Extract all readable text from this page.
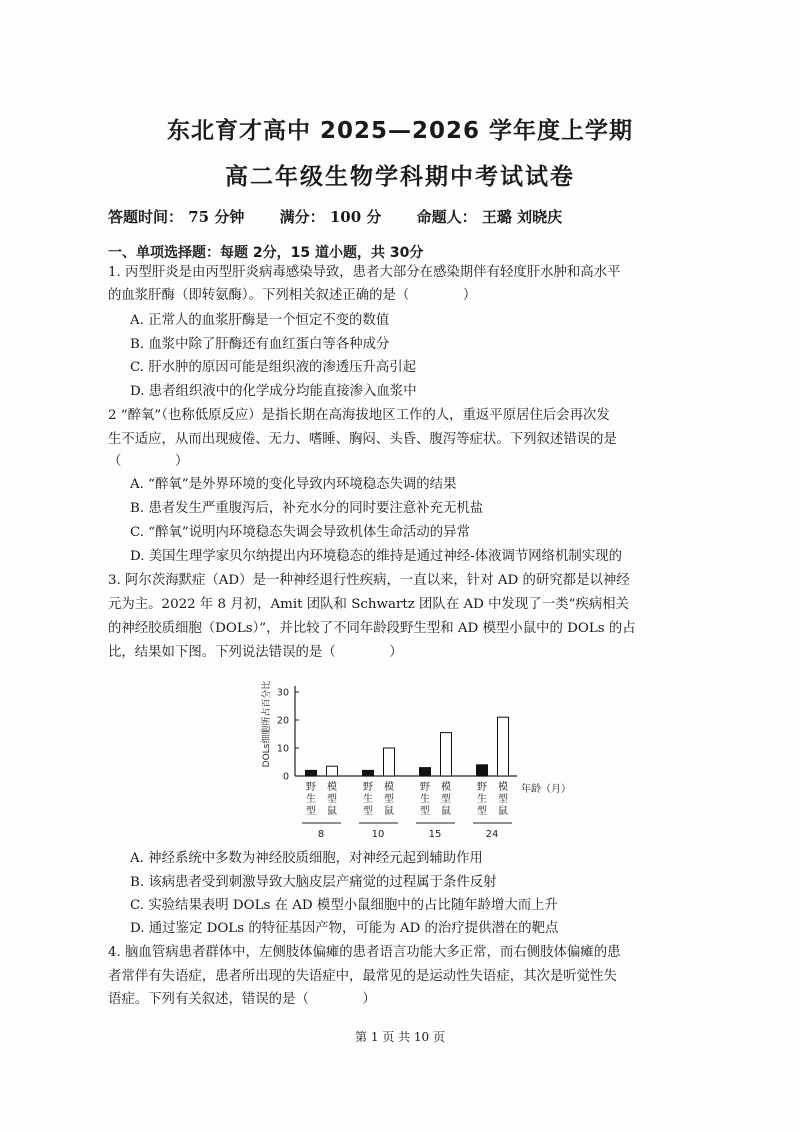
东北育才高中 2025—2026 学年度上学期
高二年级生物学科期中考试试卷
答题时间： 75 分钟 满分： 100 分 命题人： 王璐 刘晓庆
一、单项选择题：每题 2分，15 道小题，共 30分
1. 丙型肝炎是由丙型肝炎病毒感染导致，患者大部分在感染期伴有轻度肝水肿和高水平
的血浆肝酶（即转氨酶）。下列相关叙述正确的是（　　　　）
A. 正常人的血浆肝酶是一个恒定不变的数值
B. 血浆中除了肝酶还有血红蛋白等各种成分
C. 肝水肿的原因可能是组织液的渗透压升高引起
D. 患者组织液中的化学成分均能直接渗入血浆中
2 “醉氧”（也称低原反应）是指长期在高海拔地区工作的人，重返平原居住后会再次发
生不适应，从而出现疲倦、无力、嗜睡、胸闷、头昏、腹泻等症状。下列叙述错误的是
（　　　　）
A. “醉氧”是外界环境的变化导致内环境稳态失调的结果
B. 患者发生严重腹泻后，补充水分的同时要注意补充无机盐
C. “醉氧”说明内环境稳态失调会导致机体生命活动的异常
D. 美国生理学家贝尔纳提出内环境稳态的维持是通过神经-体液调节网络机制实现的
3. 阿尔茨海默症（AD）是一种神经退行性疾病，一直以来，针对 AD 的研究都是以神经
元为主。2022 年 8 月初，Amit 团队和 Schwartz 团队在 AD 中发现了一类“疾病相关
的神经胶质细胞（DOLs）”，并比较了不同年龄段野生型和 AD 模型小鼠中的 DOLs 的占
比，结果如下图。下列说法错误的是（　　　　）
0
10
20
30
DOLs细胞所占百分比
年龄（月）
野
生
型
模
型
鼠
8
野
生
型
模
型
鼠
10
野
生
型
模
型
鼠
15
野
生
型
模
型
鼠
24
A. 神经系统中多数为神经胶质细胞，对神经元起到辅助作用
B. 该病患者受到刺激导致大脑皮层产痛觉的过程属于条件反射
C. 实验结果表明 DOLs 在 AD 模型小鼠细胞中的占比随年龄增大而上升
D. 通过鉴定 DOLs 的特征基因产物，可能为 AD 的治疗提供潜在的靶点
4. 脑血管病患者群体中，左侧肢体偏瘫的患者语言功能大多正常，而右侧肢体偏瘫的患
者常伴有失语症，患者所出现的失语症中，最常见的是运动性失语症，其次是听觉性失
语症。下列有关叙述，错误的是（　　　　）
第 1 页 共 10 页
